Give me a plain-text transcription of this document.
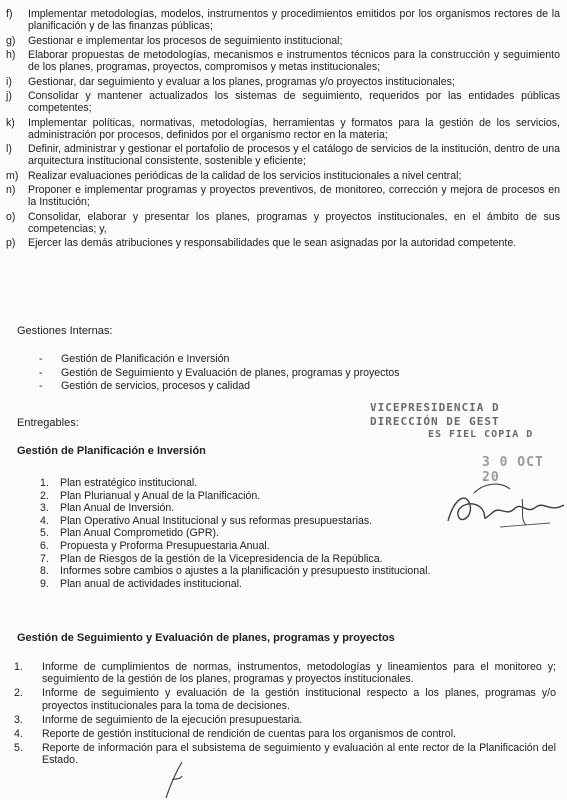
f)	Implementar metodologías, modelos, instrumentos y procedimientos emitidos por los organismos rectores de la planificación y de las finanzas públicas;
g)	Gestionar e implementar los procesos de seguimiento institucional;
h)	Elaborar propuestas de metodologías, mecanismos e instrumentos técnicos para la construcción y seguimiento de los planes, programas, proyectos, compromisos y metas institucionales;
i)	Gestionar, dar seguimiento y evaluar a los planes, programas y/o proyectos institucionales;
j)	Consolidar y mantener actualizados los sistemas de seguimiento, requeridos por las entidades públicas competentes;
k)	Implementar políticas, normativas, metodologías, herramientas y formatos para la gestión de los servicios, administración por procesos, definidos por el organismo rector en la materia;
l)	Definir, administrar y gestionar el portafolio de procesos y el catálogo de servicios de la institución, dentro de una arquitectura institucional consistente, sostenible y eficiente;
m) Realizar evaluaciones periódicas de la calidad de los servicios institucionales a nivel central;
n)	Proponer e implementar programas y proyectos preventivos, de monitoreo, corrección y mejora de procesos en la Institución;
o)	Consolidar, elaborar y presentar los planes, programas y proyectos institucionales, en el ámbito de sus competencias; y,
p)	Ejercer las demás atribuciones y responsabilidades que le sean asignadas por la autoridad competente.
Gestiones Internas:
-	Gestión de Planificación e Inversión
-	Gestión de Seguimiento y Evaluación de planes, programas y proyectos
-	Gestión de servicios, procesos y calidad
Entregables:
Gestión de Planificación e Inversión
1.	Plan estratégico institucional.
2.	Plan Plurianual y Anual de la Planificación.
3.	Plan Anual de Inversión.
4.	Plan Operativo Anual Institucional y sus reformas presupuestarias.
5.	Plan Anual Comprometido (GPR).
6.	Propuesta y Proforma Presupuestaria Anual.
7.	Plan de Riesgos de la gestión de la Vicepresidencia de la República.
8.	Informes sobre cambios o ajustes a la planificación y presupuesto institucional.
9.	Plan anual de actividades institucional.
Gestión de Seguimiento y Evaluación de planes, programas y proyectos
1.	Informe de cumplimientos de normas, instrumentos, metodologías y lineamientos para el monitoreo y; seguimiento de la gestión de los planes, programas y proyectos institucionales.
2.	Informe de seguimiento y evaluación de la gestión institucional respecto a los planes, programas y/o proyectos institucionales para la toma de decisiones.
3.	Informe de seguimiento de la ejecución presupuestaria.
4.	Reporte de gestión institucional de rendición de cuentas para los organismos de control.
5.	Reporte de información para el subsistema de seguimiento y evaluación al ente rector de la Planificación del Estado.
VICEPRESIDENCIA D
DIRECCIÓN DE GEST
ES FIEL COPIA D
3 0 OCT 20
